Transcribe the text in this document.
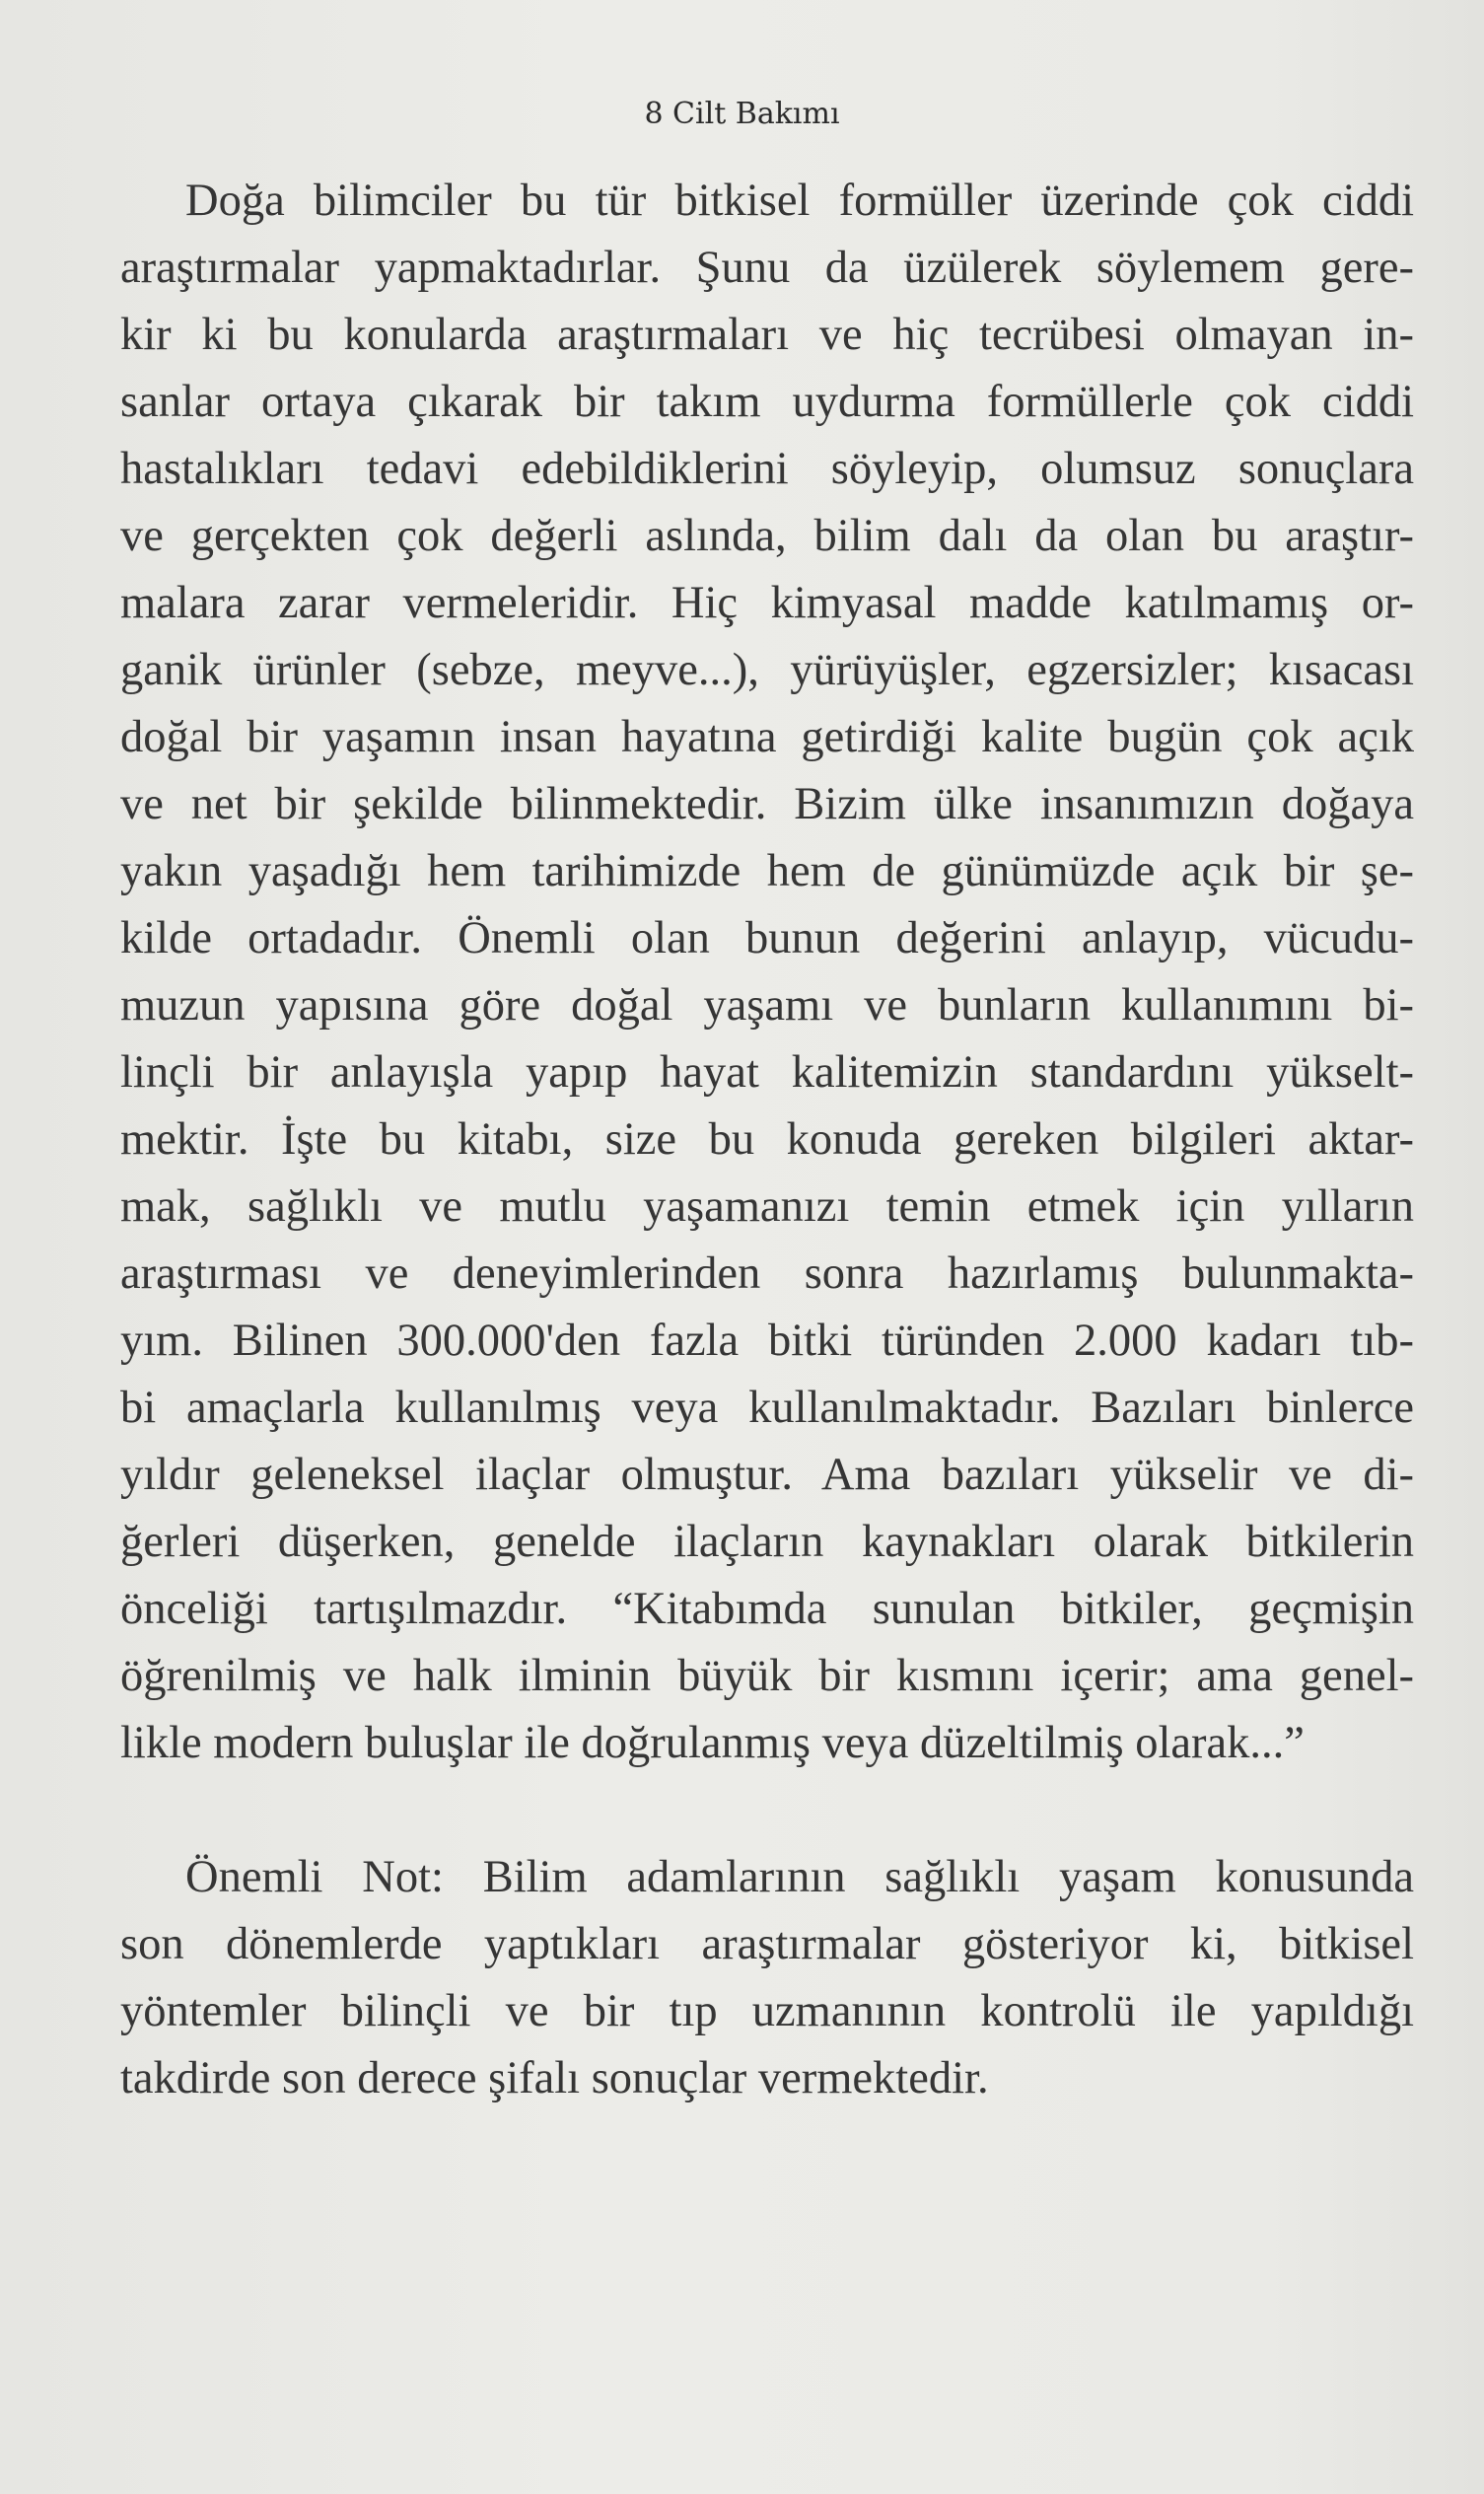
8 Cilt Bakımı
Doğa bilimciler bu tür bitkisel formüller üzerinde çok ciddi
araştırmalar yapmaktadırlar. Şunu da üzülerek söylemem gere-
kir ki bu konularda araştırmaları ve hiç tecrübesi olmayan in-
sanlar ortaya çıkarak bir takım uydurma formüllerle çok ciddi
hastalıkları tedavi edebildiklerini söyleyip, olumsuz sonuçlara
ve gerçekten çok değerli aslında, bilim dalı da olan bu araştır-
malara zarar vermeleridir. Hiç kimyasal madde katılmamış or-
ganik ürünler (sebze, meyve...), yürüyüşler, egzersizler; kısacası
doğal bir yaşamın insan hayatına getirdiği kalite bugün çok açık
ve net bir şekilde bilinmektedir. Bizim ülke insanımızın doğaya
yakın yaşadığı hem tarihimizde hem de günümüzde açık bir şe-
kilde ortadadır. Önemli olan bunun değerini anlayıp, vücudu-
muzun yapısına göre doğal yaşamı ve bunların kullanımını bi-
linçli bir anlayışla yapıp hayat kalitemizin standardını yükselt-
mektir. İşte bu kitabı, size bu konuda gereken bilgileri aktar-
mak, sağlıklı ve mutlu yaşamanızı temin etmek için yılların
araştırması ve deneyimlerinden sonra hazırlamış bulunmakta-
yım. Bilinen 300.000'den fazla bitki türünden 2.000 kadarı tıb-
bi amaçlarla kullanılmış veya kullanılmaktadır. Bazıları binlerce
yıldır geleneksel ilaçlar olmuştur. Ama bazıları yükselir ve di-
ğerleri düşerken, genelde ilaçların kaynakları olarak bitkilerin
önceliği tartışılmazdır. “Kitabımda sunulan bitkiler, geçmişin
öğrenilmiş ve halk ilminin büyük bir kısmını içerir; ama genel-
likle modern buluşlar ile doğrulanmış veya düzeltilmiş olarak...”
Önemli Not: Bilim adamlarının sağlıklı yaşam konusunda
son dönemlerde yaptıkları araştırmalar gösteriyor ki, bitkisel
yöntemler bilinçli ve bir tıp uzmanının kontrolü ile yapıldığı
takdirde son derece şifalı sonuçlar vermektedir.
